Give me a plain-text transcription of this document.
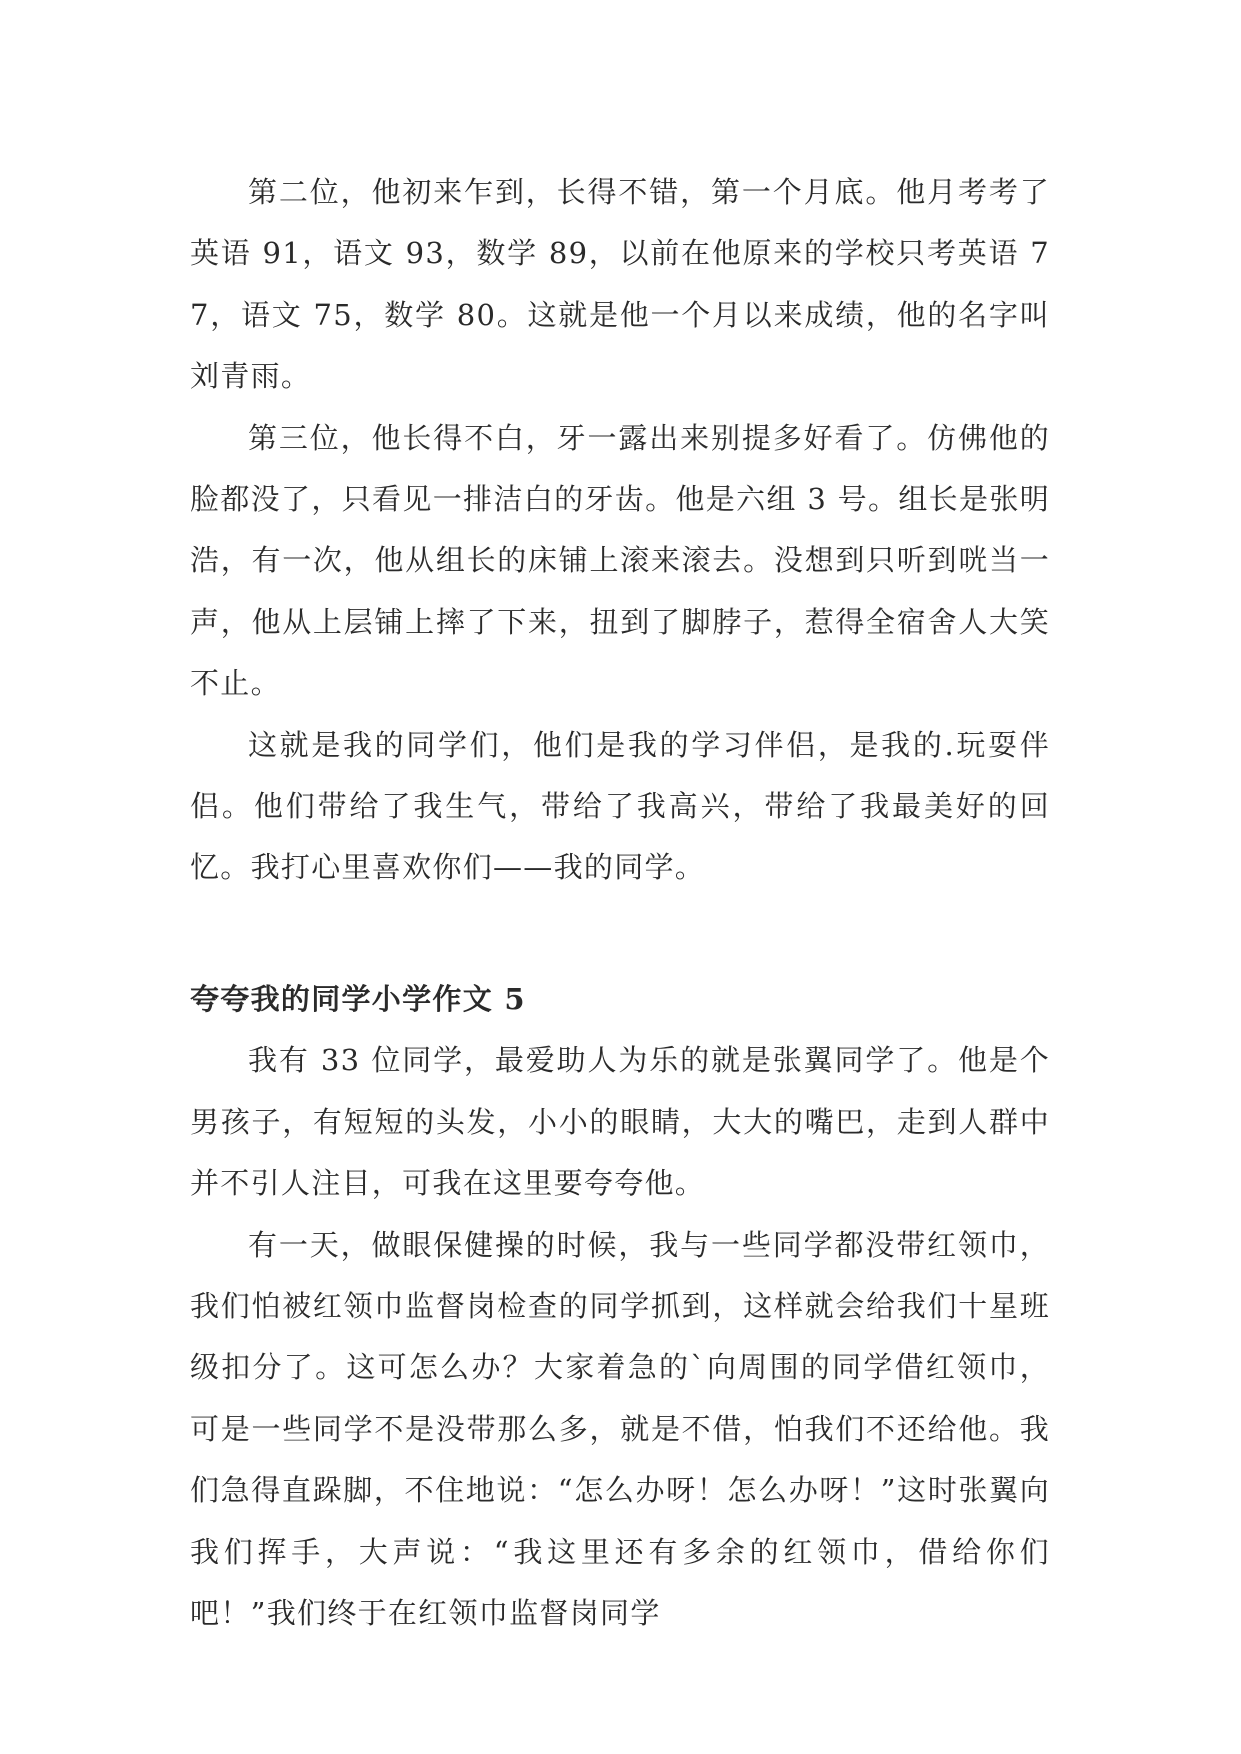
第二位，他初来乍到，长得不错，第一个月底。他月考考了英语 91，语文 93，数学 89，以前在他原来的学校只考英语 77，语文 75，数学 80。这就是他一个月以来成绩，他的名字叫刘青雨。

第三位，他长得不白，牙一露出来别提多好看了。仿佛他的脸都没了，只看见一排洁白的牙齿。他是六组 3 号。组长是张明浩，有一次，他从组长的床铺上滚来滚去。没想到只听到咣当一声，他从上层铺上摔了下来，扭到了脚脖子，惹得全宿舍人大笑不止。

这就是我的同学们，他们是我的学习伴侣，是我的.玩耍伴侣。他们带给了我生气，带给了我高兴，带给了我最美好的回忆。我打心里喜欢你们——我的同学。

夸夸我的同学小学作文 5

我有 33 位同学，最爱助人为乐的就是张翼同学了。他是个男孩子，有短短的头发，小小的眼睛，大大的嘴巴，走到人群中并不引人注目，可我在这里要夸夸他。

有一天，做眼保健操的时候，我与一些同学都没带红领巾，我们怕被红领巾监督岗检查的同学抓到，这样就会给我们十星班级扣分了。这可怎么办？大家着急的`向周围的同学借红领巾，可是一些同学不是没带那么多，就是不借，怕我们不还给他。我们急得直跺脚，不住地说：“怎么办呀！怎么办呀！”这时张翼向我们挥手，大声说：“我这里还有多余的红领巾，借给你们吧！”我们终于在红领巾监督岗同学
